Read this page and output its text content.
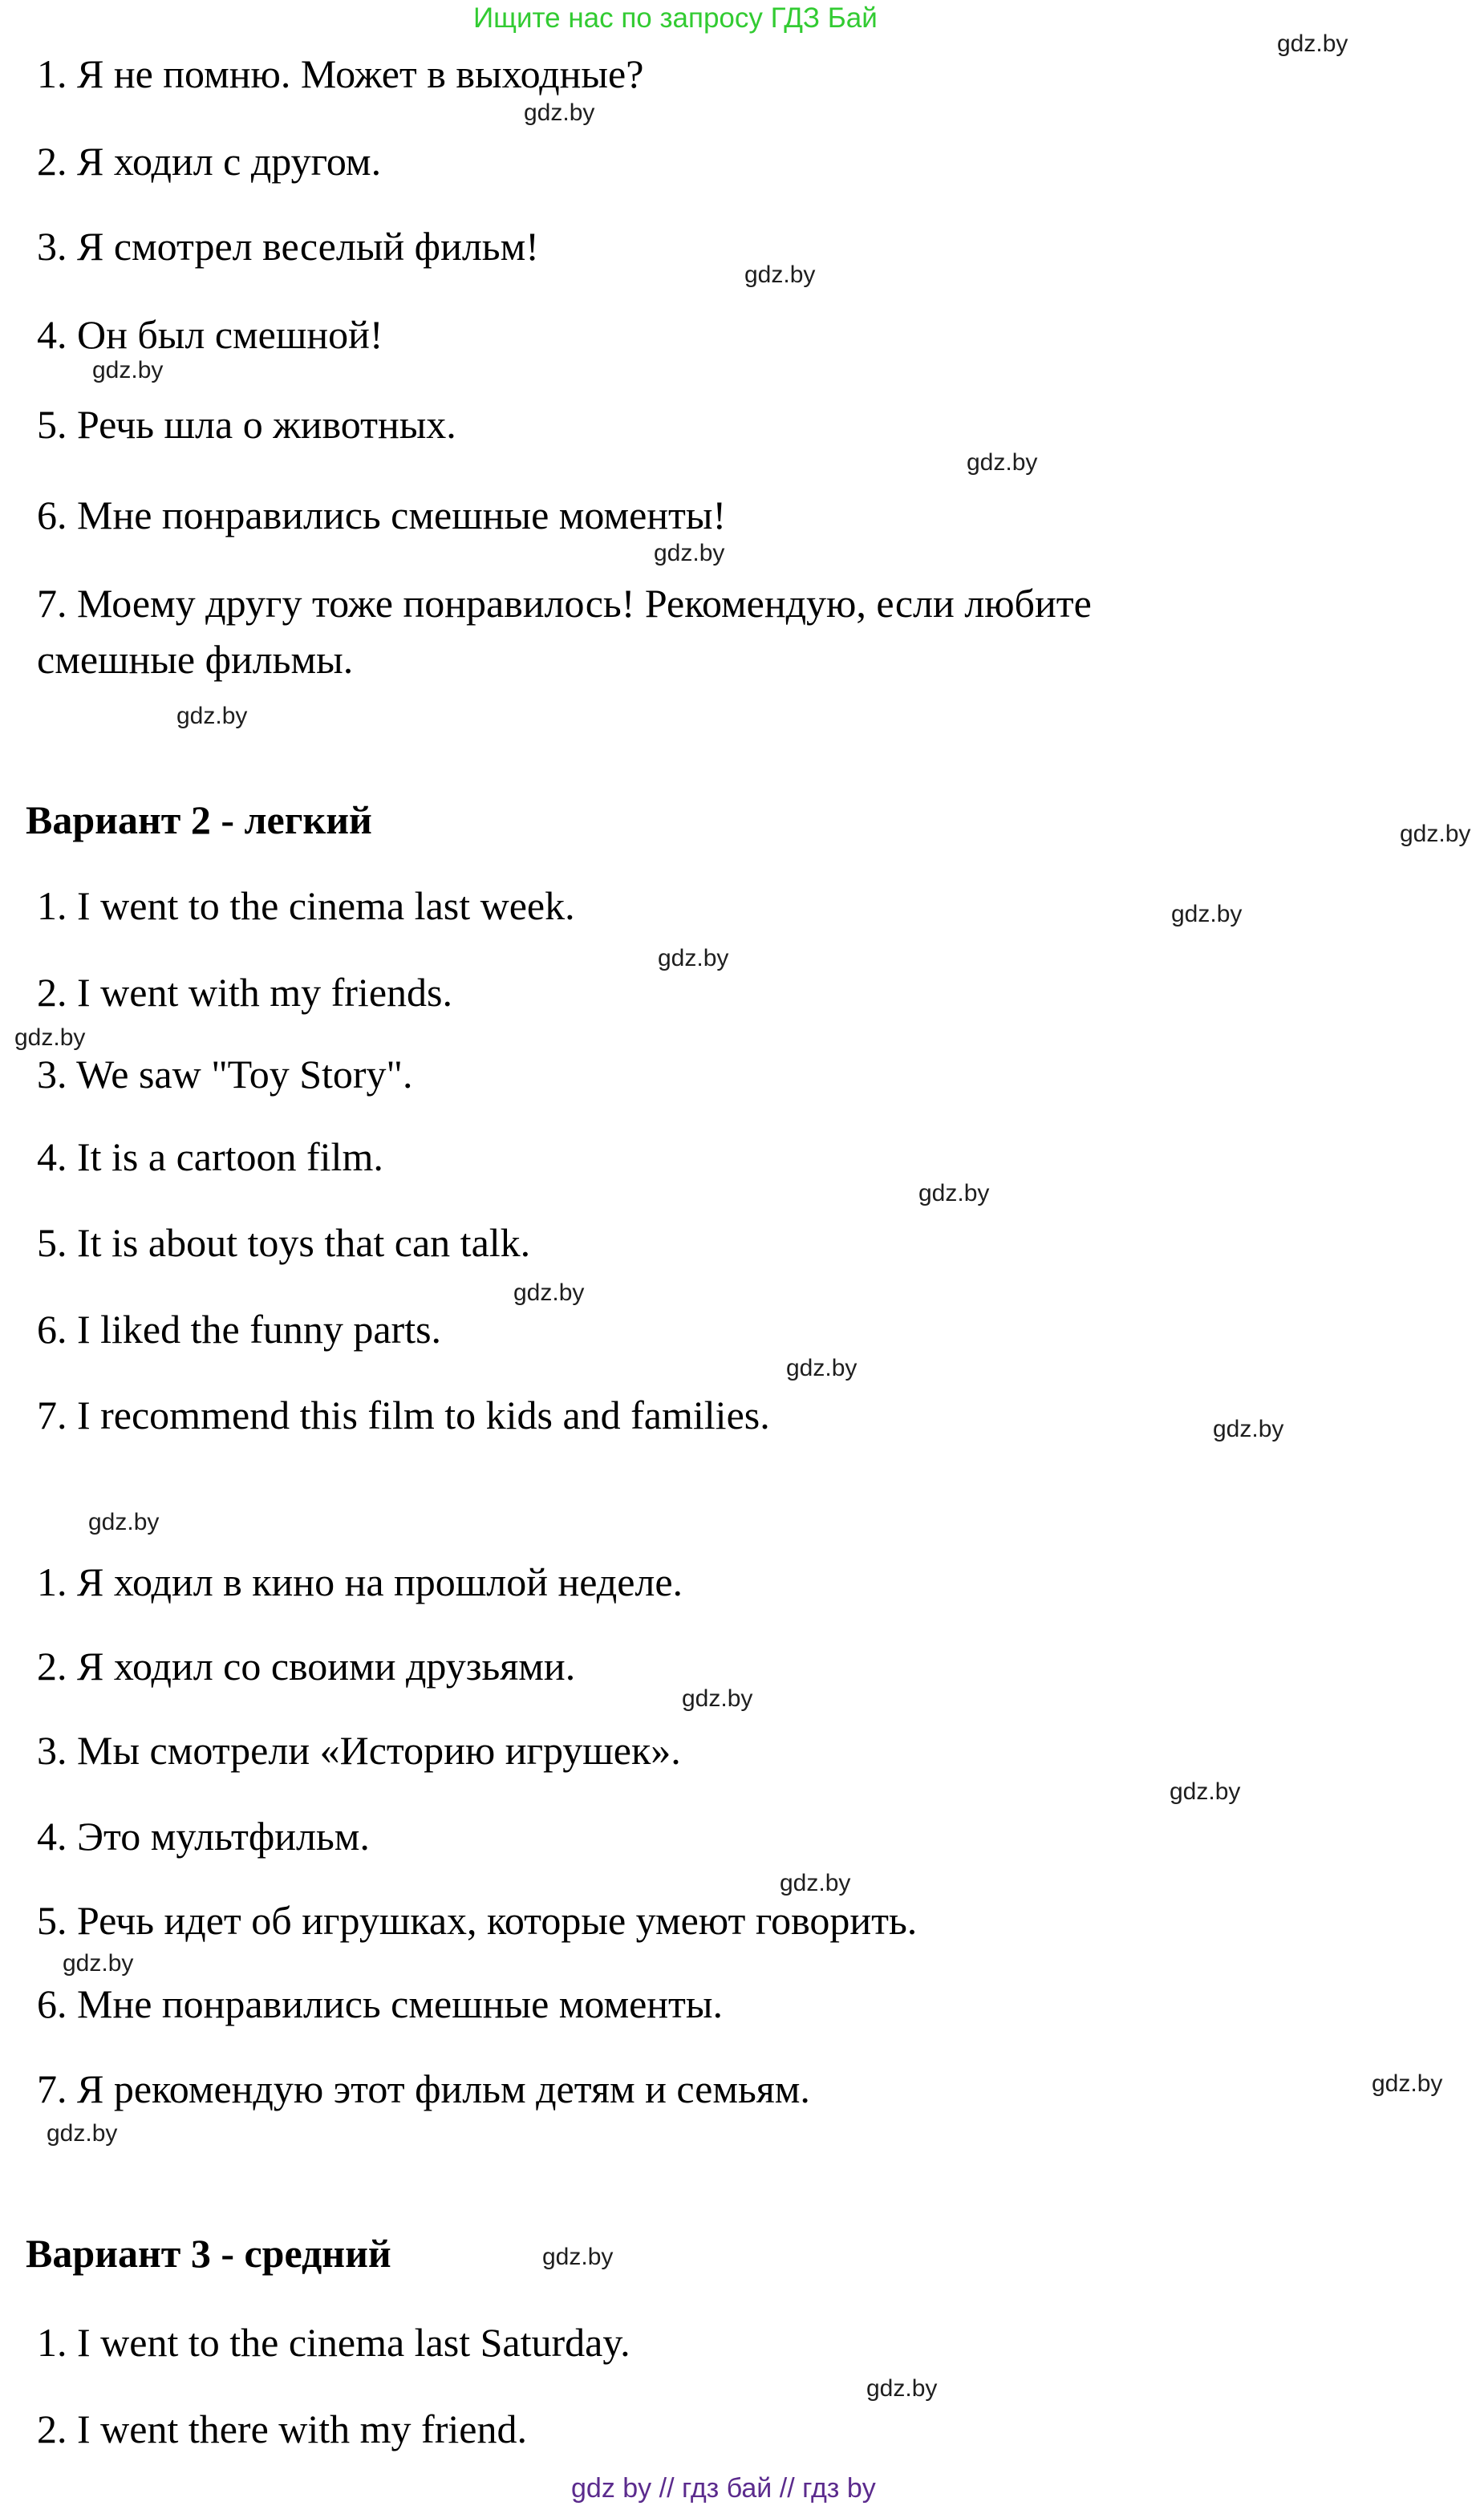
Ищите нас по запросу ГДЗ Бай
1. Я не помню. Может в выходные?
2. Я ходил с другом.
3. Я смотрел веселый фильм!
4. Он был смешной!
5. Речь шла о животных.
6. Мне понравились смешные моменты!
7. Моему другу тоже понравилось! Рекомендую, если любите
смешные фильмы.
Вариант 2 - легкий
1. I went to the cinema last week.
2. I went with my friends.
3. We saw "Toy Story".
4. It is a cartoon film.
5. It is about toys that can talk.
6. I liked the funny parts.
7. I recommend this film to kids and families.
1. Я ходил в кино на прошлой неделе.
2. Я ходил со своими друзьями.
3. Мы смотрели «Историю игрушек».
4. Это мультфильм.
5. Речь идет об игрушках, которые умеют говорить.
6. Мне понравились смешные моменты.
7. Я рекомендую этот фильм детям и семьям.
Вариант 3 - средний
1. I went to the cinema last Saturday.
2. I went there with my friend.
gdz.by
gdz.by
gdz.by
gdz.by
gdz.by
gdz.by
gdz.by
gdz.by
gdz.by
gdz.by
gdz.by
gdz.by
gdz.by
gdz.by
gdz.by
gdz.by
gdz.by
gdz.by
gdz.by
gdz.by
gdz.by
gdz.by
gdz.by
gdz.by
gdz by // гдз бай // гдз by
